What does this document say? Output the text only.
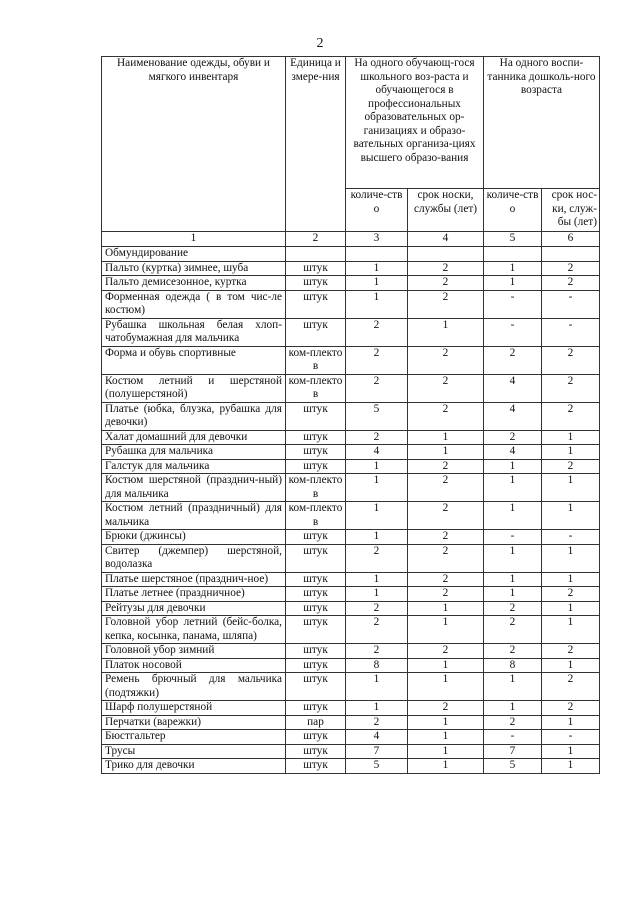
2
Наименование одежды, обуви и мягкого инвентаря	Единица измере-ния	На одного обучающ-гося школьного воз-раста и обучающегося в профессиональных образовательных ор-ганизациях и образо-вательных организа-циях высшего образо-вания		На одного воспи-танника дошколь-ного возраста	
		количе-ство	срок носки, службы (лет)	количе-ство	срок нос-ки, служ-бы (лет)
1	2	3	4	5	6
Обмундирование					
Пальто (куртка) зимнее, шуба	штук	1	2	1	2
Пальто демисезонное, куртка	штук	1	2	1	2
Форменная одежда ( в том чис-ле костюм)	штук	1	2	-	-
Рубашка школьная белая хлоп-чатобумажная для мальчика	штук	2	1	-	-
Форма и обувь спортивные	ком-плектов	2	2	2	2
Костюм летний и шерстяной (полушерстяной)	ком-плектов	2	2	4	2
Платье (юбка, блузка, рубашка для девочки)	штук	5	2	4	2
Халат домашний для девочки	штук	2	1	2	1
Рубашка для мальчика	штук	4	1	4	1
Галстук для мальчика	штук	1	2	1	2
Костюм шерстяной (празднич-ный) для мальчика	ком-плектов	1	2	1	1
Костюм летний (праздничный) для мальчика	ком-плектов	1	2	1	1
Брюки (джинсы)	штук	1	2	-	-
Свитер (джемпер) шерстяной, водолазка	штук	2	2	1	1
Платье шерстяное (празднич-ное)	штук	1	2	1	1
Платье летнее (праздничное)	штук	1	2	1	2
Рейтузы для девочки	штук	2	1	2	1
Головной убор летний (бейс-болка, кепка, косынка, панама, шляпа)	штук	2	1	2	1
Головной убор зимний	штук	2	2	2	2
Платок носовой	штук	8	1	8	1
Ремень брючный для мальчика (подтяжки)	штук	1	1	1	2
Шарф полушерстяной	штук	1	2	1	2
Перчатки (варежки)	пар	2	1	2	1
Бюстгальтер	штук	4	1	-	-
Трусы	штук	7	1	7	1
Трико для девочки	штук	5	1	5	1
